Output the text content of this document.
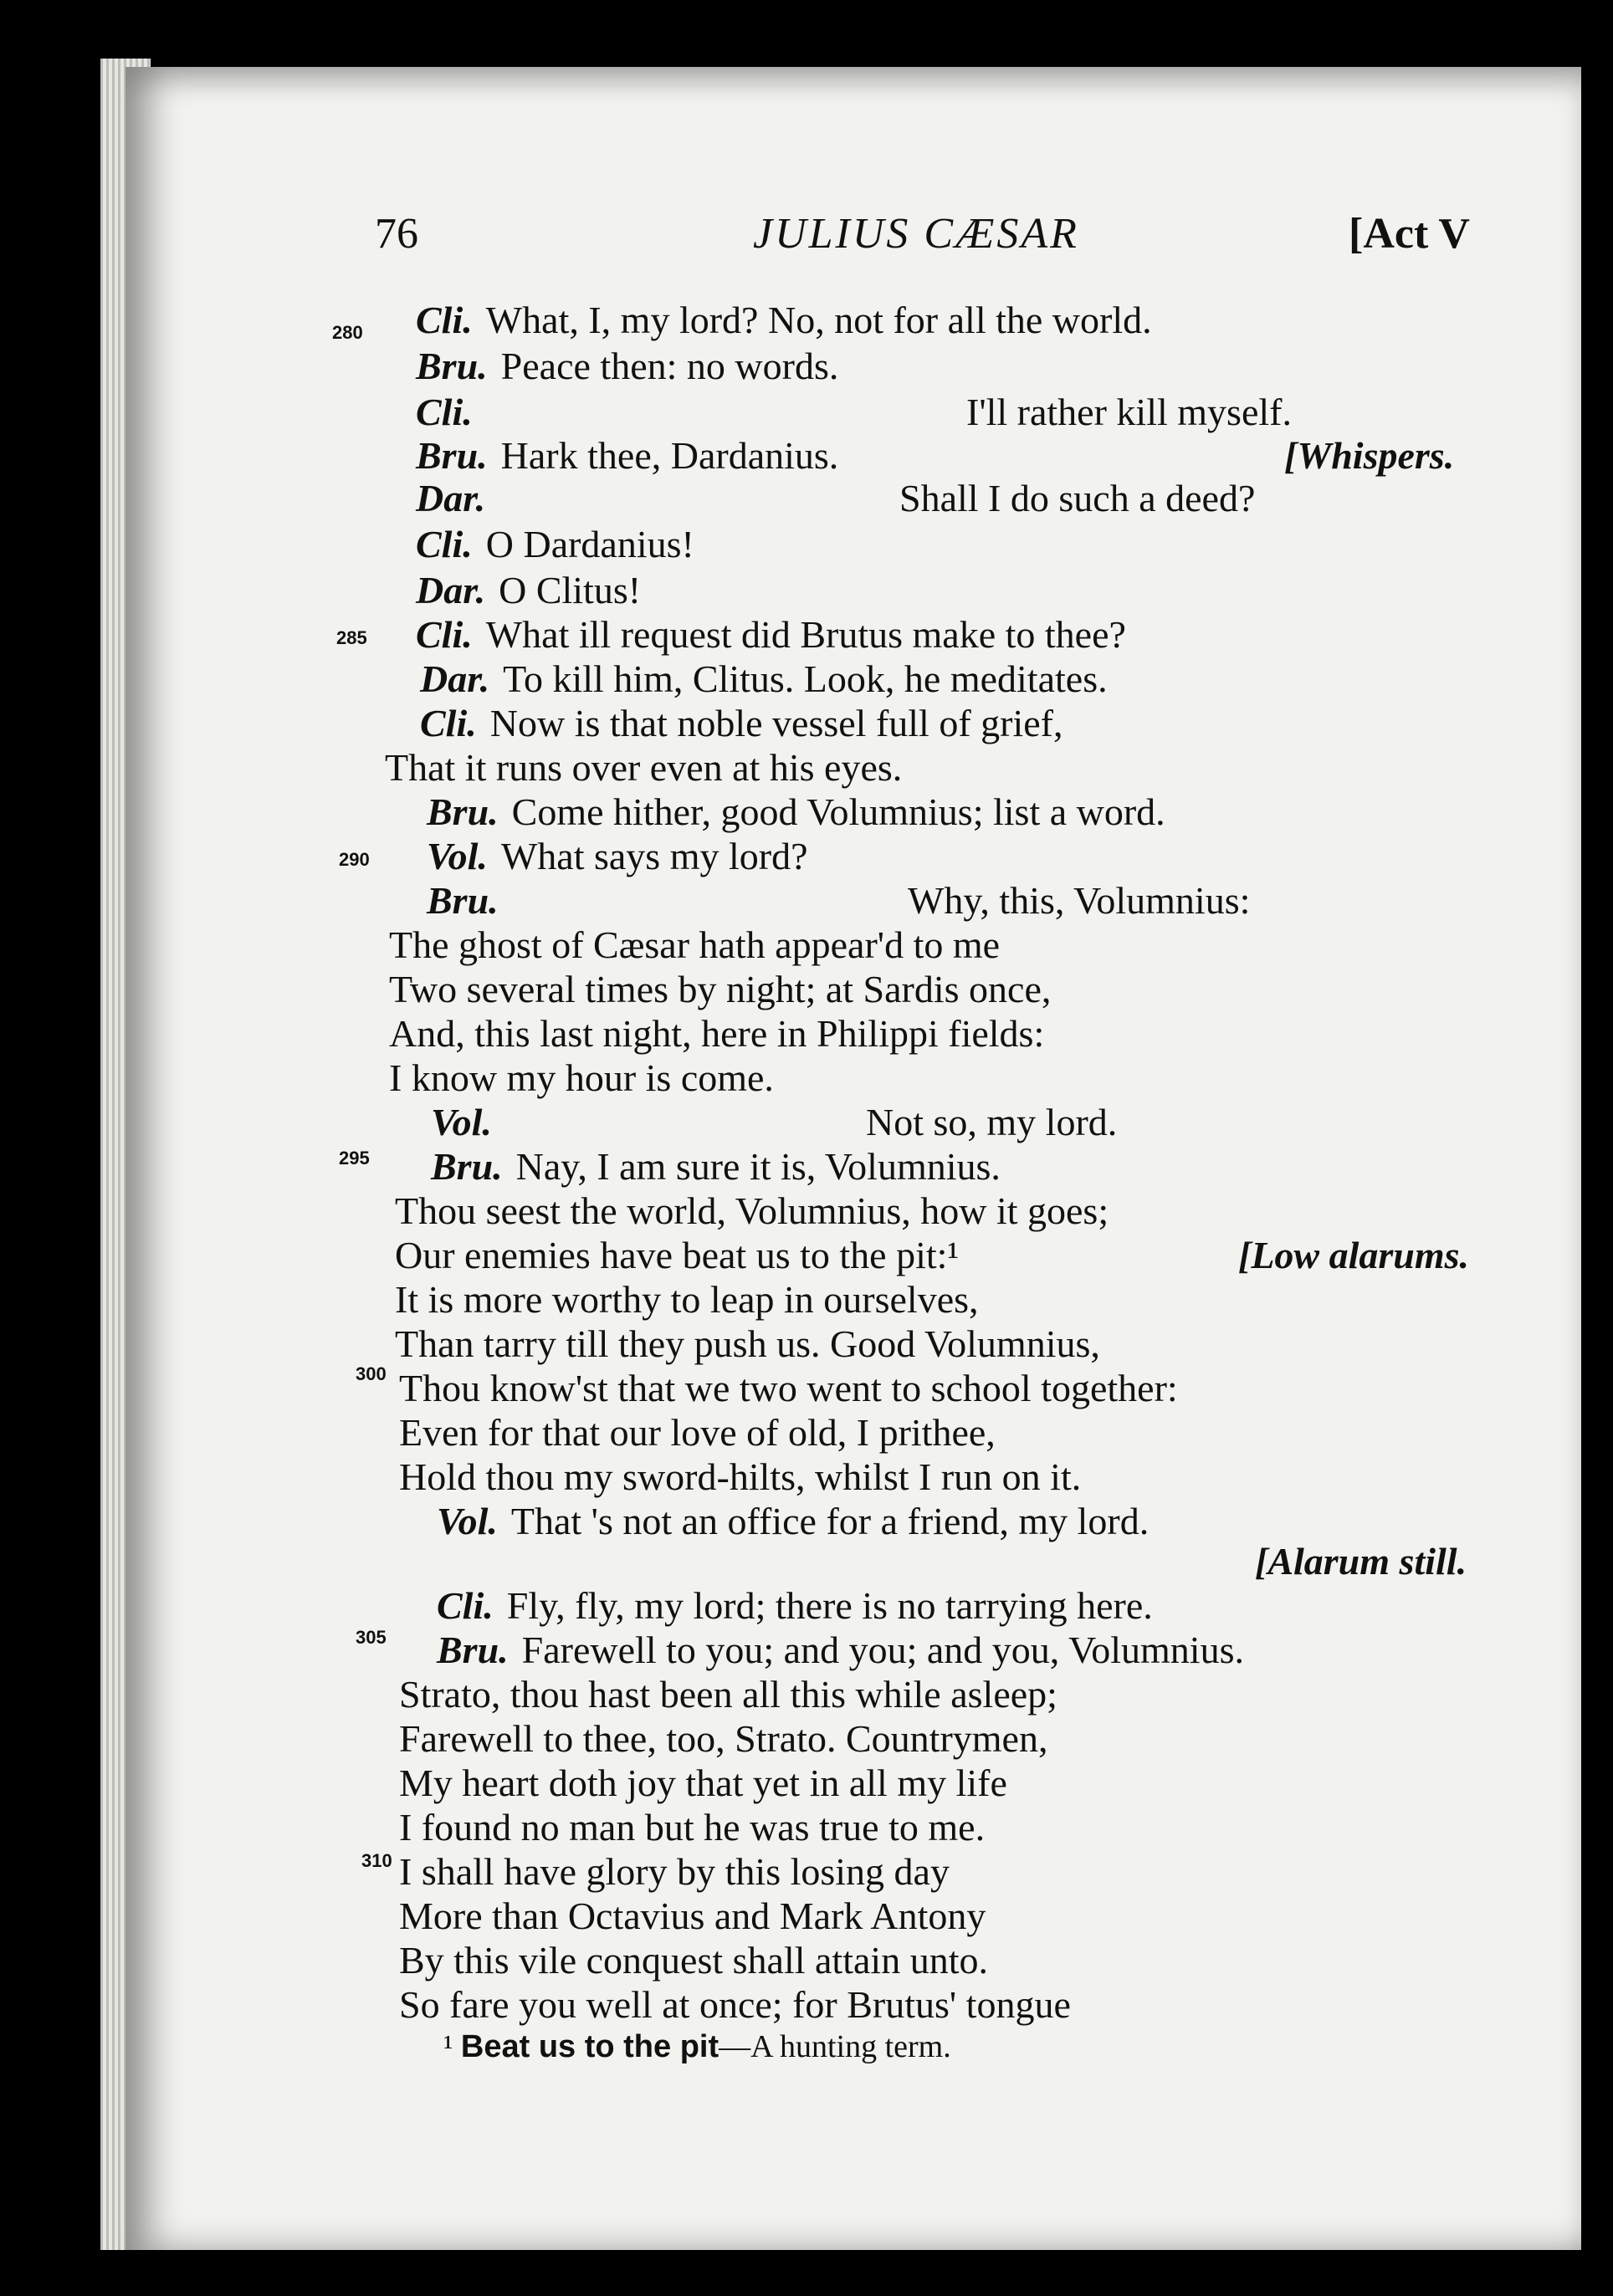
76	JULIUS CÆSAR	[Act V
Cli. What, I, my lord? No, not for all the world.
Bru. Peace then: no words.
Cli.	I'll rather kill myself.
Bru. Hark thee, Dardanius.	[Whispers.
Dar.	Shall I do such a deed?
Cli. O Dardanius!
Dar. O Clitus!
Cli. What ill request did Brutus make to thee?
Dar. To kill him, Clitus. Look, he meditates.
Cli. Now is that noble vessel full of grief,
That it runs over even at his eyes.
Bru. Come hither, good Volumnius; list a word.
Vol. What says my lord?
Bru.	Why, this, Volumnius:
The ghost of Cæsar hath appear'd to me
Two several times by night; at Sardis once,
And, this last night, here in Philippi fields:
I know my hour is come.
Vol.	Not so, my lord.
Bru. Nay, I am sure it is, Volumnius.
Thou seest the world, Volumnius, how it goes;
Our enemies have beat us to the pit:¹	[Low alarums.
It is more worthy to leap in ourselves,
Than tarry till they push us. Good Volumnius,
Thou know'st that we two went to school together:
Even for that our love of old, I prithee,
Hold thou my sword-hilts, whilst I run on it.
Vol. That 's not an office for a friend, my lord.
[Alarum still.
Cli. Fly, fly, my lord; there is no tarrying here.
Bru. Farewell to you; and you; and you, Volumnius.
Strato, thou hast been all this while asleep;
Farewell to thee, too, Strato. Countrymen,
My heart doth joy that yet in all my life
I found no man but he was true to me.
I shall have glory by this losing day
More than Octavius and Mark Antony
By this vile conquest shall attain unto.
So fare you well at once; for Brutus' tongue
280
285
290
295
300
305
310
¹ Beat us to the pit—A hunting term.
